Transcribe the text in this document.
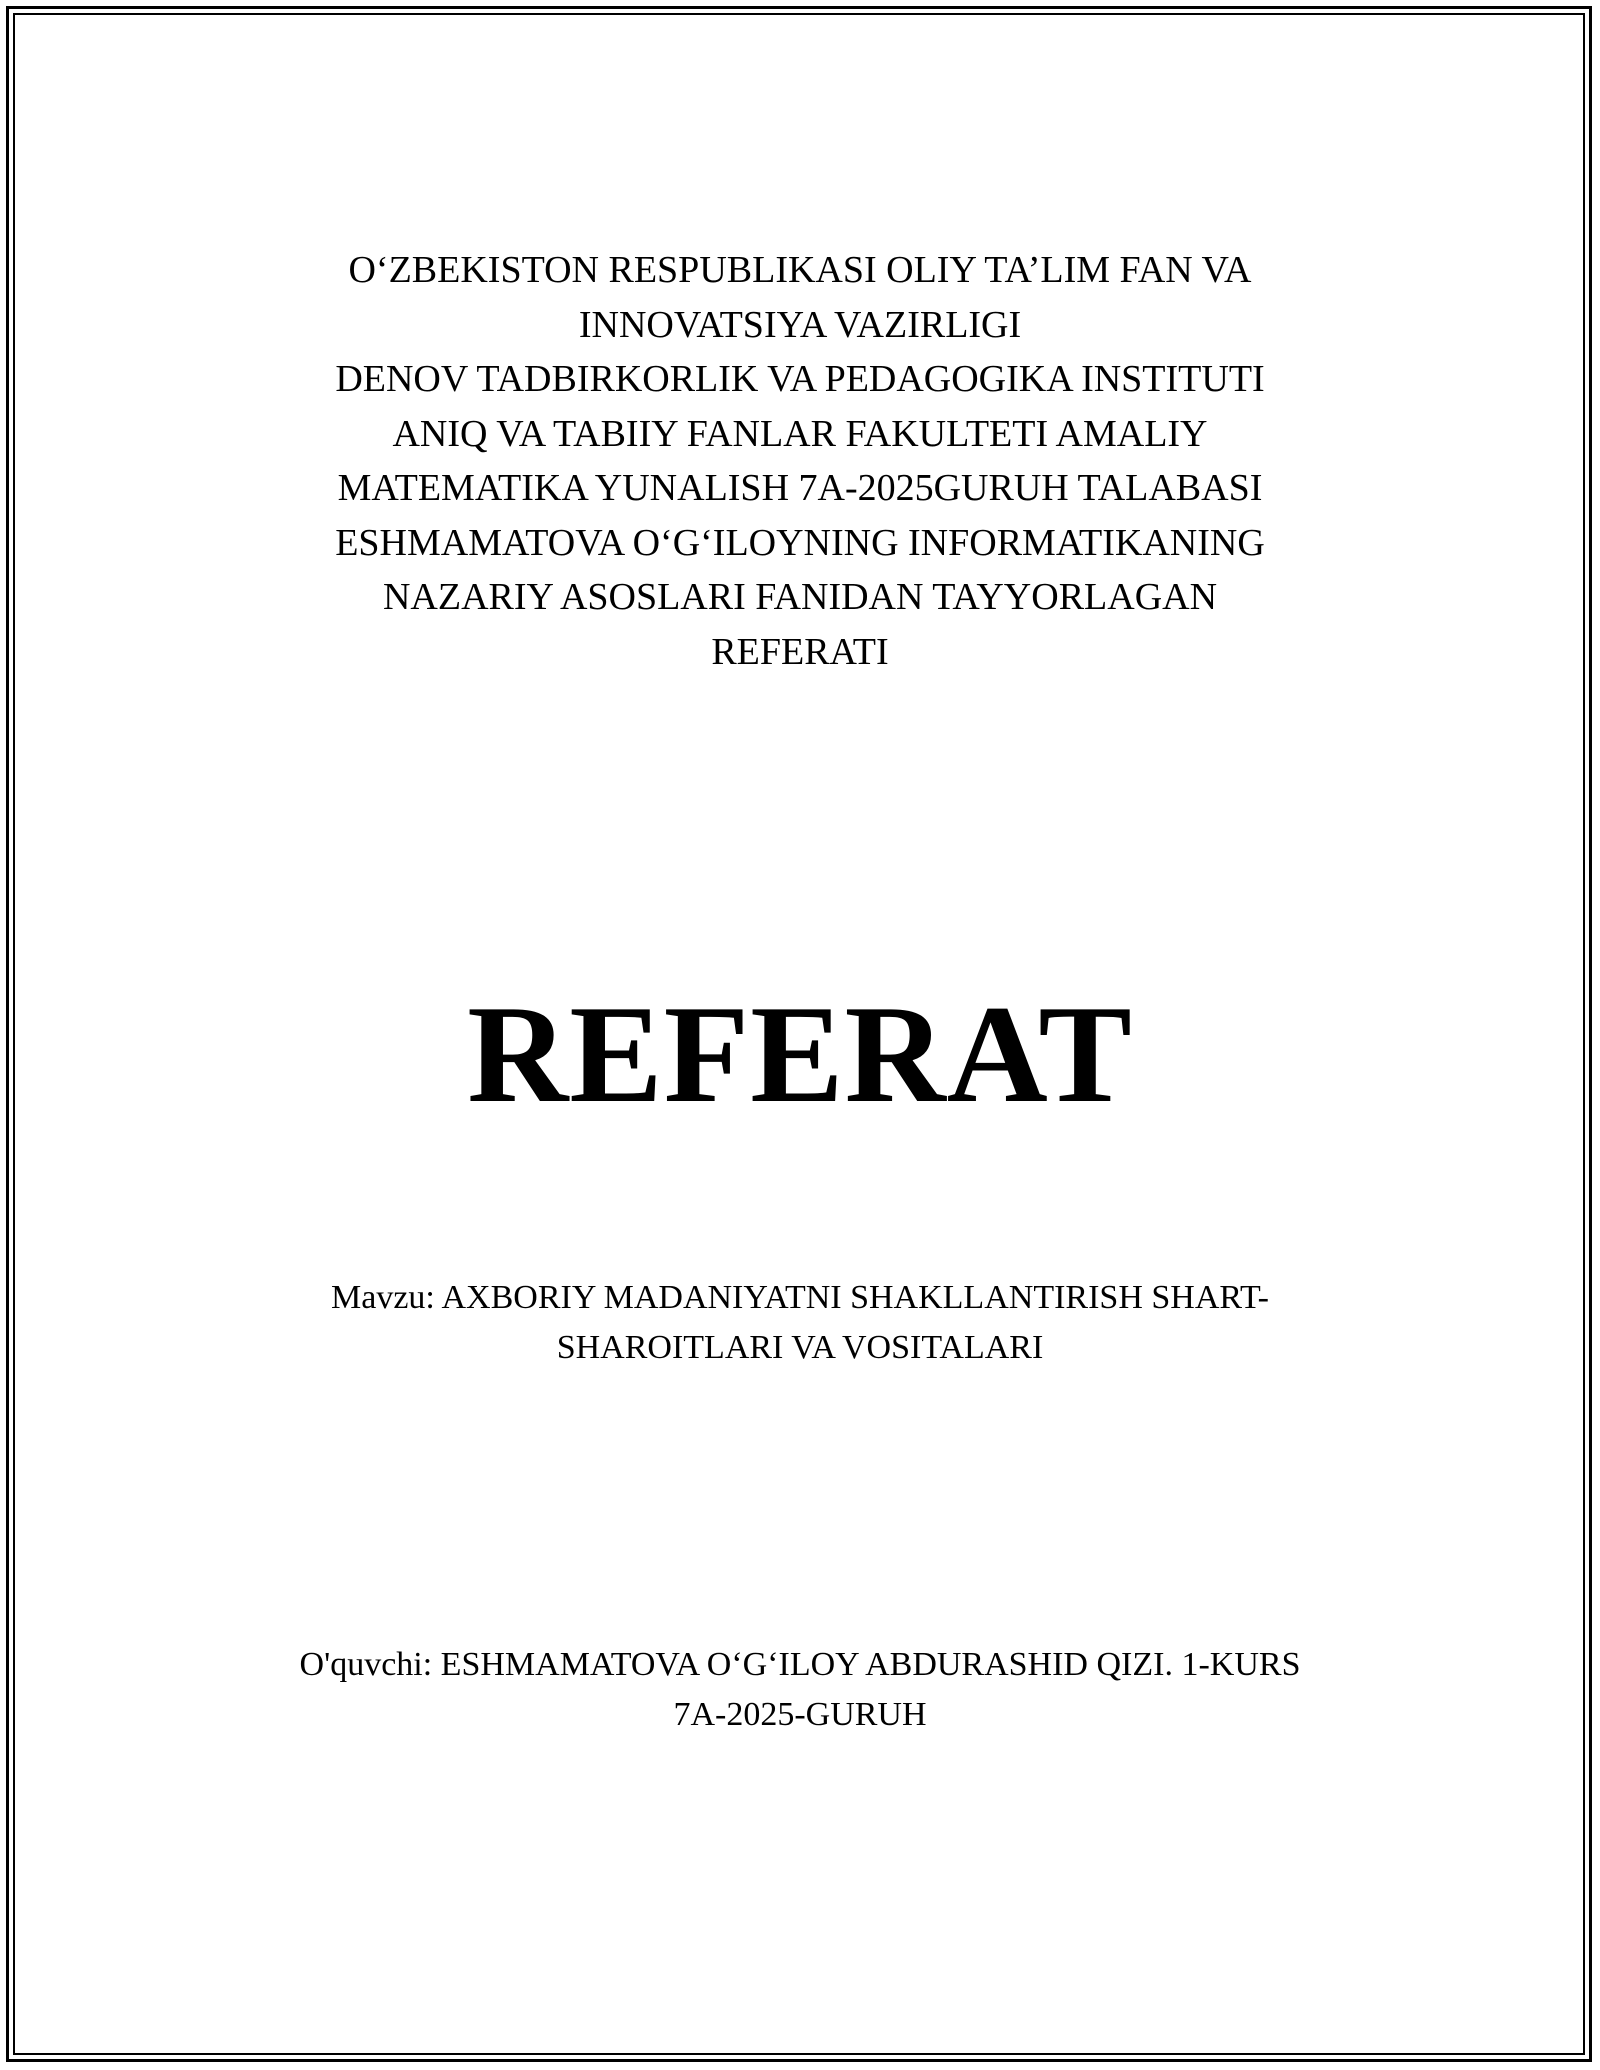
O‘ZBEKISTON RESPUBLIKASI OLIY TA’LIM FAN VA
INNOVATSIYA VAZIRLIGI
DENOV TADBIRKORLIK VA PEDAGOGIKA INSTITUTI
ANIQ VA TABIIY FANLAR FAKULTETI AMALIY
MATEMATIKA YUNALISH 7A-2025GURUH TALABASI
ESHMAMATOVA O‘G‘ILOYNING INFORMATIKANING
NAZARIY ASOSLARI FANIDAN TAYYORLAGAN
REFERATI
REFERAT
Mavzu: AXBORIY MADANIYATNI SHAKLLANTIRISH SHART-
SHAROITLARI VA VOSITALARI
O'quvchi: ESHMAMATOVA O‘G‘ILOY ABDURASHID QIZI. 1-KURS
7A-2025-GURUH
